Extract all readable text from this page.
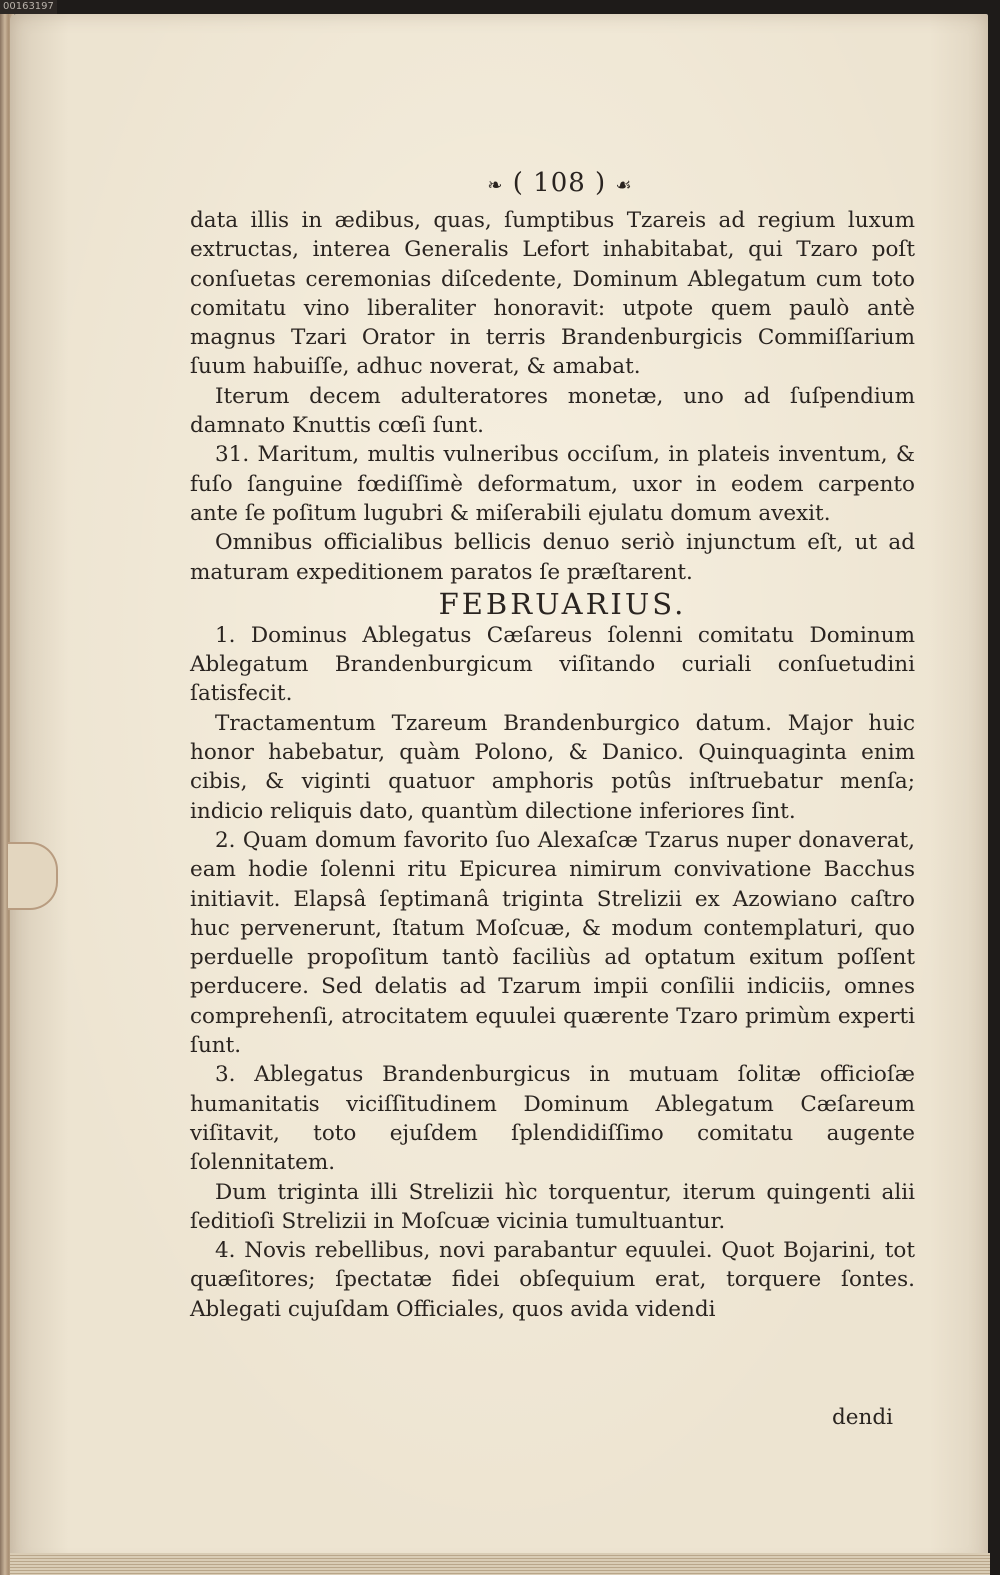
00163197
❧ ( 108 ) ☙

data illis in ædibus, quas, ſumptibus Tzareis ad regium luxum extructas, interea Generalis Lefort inhabitabat, qui Tzaro poſt conſuetas ceremonias diſcedente, Dominum Ablegatum cum toto comitatu vino liberaliter honoravit: utpote quem paulò antè magnus Tzari Orator in terris Brandenburgicis Commiſſarium ſuum habuiſſe, adhuc noverat, & amabat.

Iterum decem adulteratores monetæ, uno ad ſuſpendium damnato Knuttis cœſi ſunt.

31. Maritum, multis vulneribus occiſum, in plateis inventum, & fuſo ſanguine fœdiſſimè deformatum, uxor in eodem carpento ante ſe poſitum lugubri & miſerabili ejulatu domum avexit.

Omnibus officialibus bellicis denuo seriò injunctum eſt, ut ad maturam expeditionem paratos ſe præſtarent.

FEBRUARIUS.

1. Dominus Ablegatus Cæſareus ſolenni comitatu Dominum Ablegatum Brandenburgicum viſitando curiali conſuetudini ſatisfecit.

Tractamentum Tzareum Brandenburgico datum. Major huic honor habebatur, quàm Polono, & Danico. Quinquaginta enim cibis, & viginti quatuor amphoris potûs inſtruebatur menſa; indicio reliquis dato, quantùm dilectione inferiores ſint.

2. Quam domum favorito ſuo Alexaſcæ Tzarus nuper donaverat, eam hodie ſolenni ritu Epicurea nimirum convivatione Bacchus initiavit. Elapsâ ſeptimanâ triginta Strelizii ex Azowiano caſtro huc pervenerunt, ſtatum Moſcuæ, & modum contemplaturi, quo perduelle propoſitum tantò faciliùs ad optatum exitum poſſent perducere. Sed delatis ad Tzarum impii conſilii indiciis, omnes comprehenſi, atrocitatem equulei quærente Tzaro primùm experti ſunt.

3. Ablegatus Brandenburgicus in mutuam ſolitæ officioſæ humanitatis viciſſitudinem Dominum Ablegatum Cæſareum viſitavit, toto ejuſdem ſplendidiſſimo comitatu augente ſolennitatem.

Dum triginta illi Strelizii hìc torquentur, iterum quingenti alii ſeditioſi Strelizii in Moſcuæ vicinia tumultuantur.

4. Novis rebellibus, novi parabantur equulei. Quot Bojarini, tot quæſitores; ſpectatæ fidei obſequium erat, torquere ſontes. Ablegati cujuſdam Officiales, quos avida videndi

dendi
